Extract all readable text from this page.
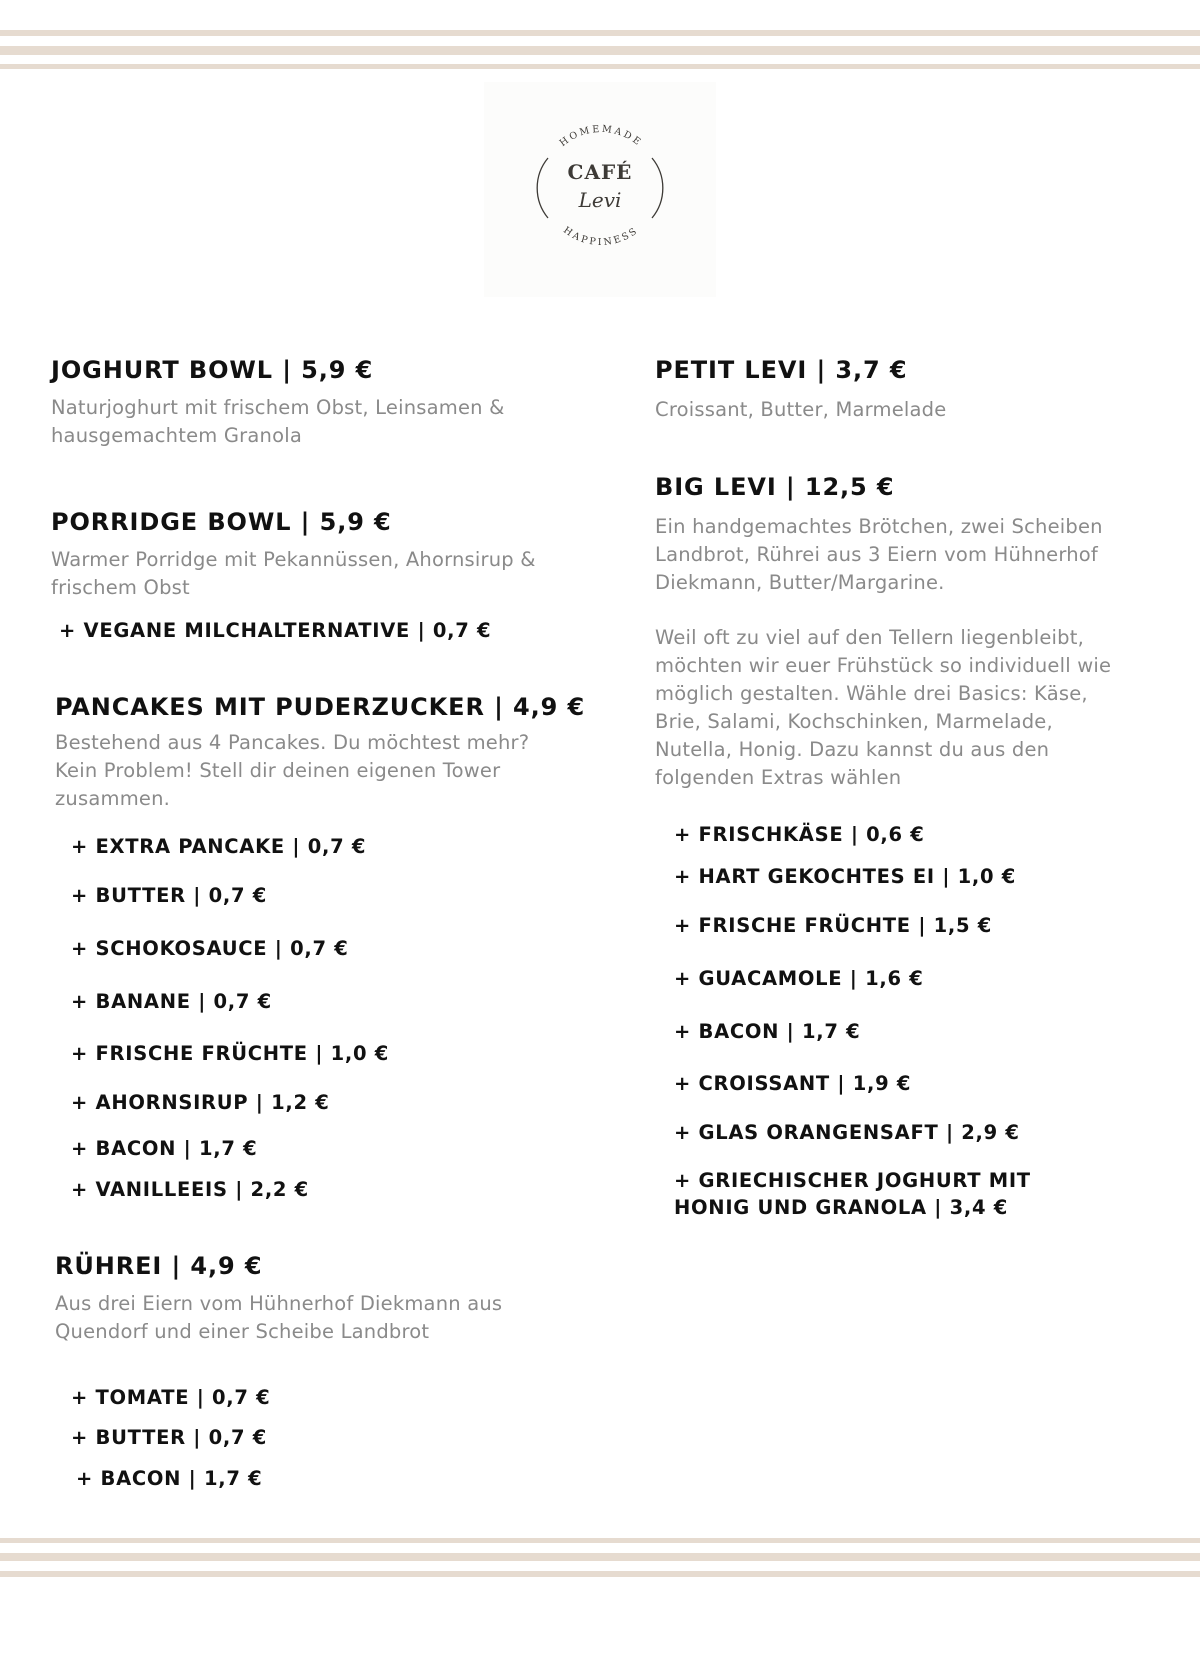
HOMEMADE
HAPPINESS
CAFÉ
Levi
JOGHURT BOWL | 5,9 €
Naturjoghurt mit frischem Obst, Leinsamen & hausgemachtem Granola
PORRIDGE BOWL | 5,9 €
Warmer Porridge mit Pekannüssen, Ahornsirup & frischem Obst
+ VEGANE MILCHALTERNATIVE | 0,7 €
PANCAKES MIT PUDERZUCKER | 4,9 €
Bestehend aus 4 Pancakes. Du möchtest mehr? Kein Problem! Stell dir deinen eigenen Tower zusammen.
+ EXTRA PANCAKE | 0,7 €
+ BUTTER | 0,7 €
+ SCHOKOSAUCE | 0,7 €
+ BANANE | 0,7 €
+ FRISCHE FRÜCHTE | 1,0 €
+ AHORNSIRUP | 1,2 €
+ BACON | 1,7 €
+ VANILLEEIS | 2,2 €
RÜHREI | 4,9 €
Aus drei Eiern vom Hühnerhof Diekmann aus Quendorf und einer Scheibe Landbrot
+ TOMATE | 0,7 €
+ BUTTER | 0,7 €
+ BACON | 1,7 €
PETIT LEVI | 3,7 €
Croissant, Butter, Marmelade
BIG LEVI | 12,5 €
Ein handgemachtes Brötchen, zwei Scheiben Landbrot, Rührei aus 3 Eiern vom Hühnerhof Diekmann, Butter/Margarine.
Weil oft zu viel auf den Tellern liegenbleibt, möchten wir euer Frühstück so individuell wie möglich gestalten. Wähle drei Basics: Käse, Brie, Salami, Kochschinken, Marmelade, Nutella, Honig. Dazu kannst du aus den folgenden Extras wählen
+ FRISCHKÄSE | 0,6 €
+ HART GEKOCHTES EI | 1,0 €
+ FRISCHE FRÜCHTE | 1,5 €
+ GUACAMOLE | 1,6 €
+ BACON | 1,7 €
+ CROISSANT | 1,9 €
+ GLAS ORANGENSAFT | 2,9 €
+ GRIECHISCHER JOGHURT MIT
HONIG UND GRANOLA | 3,4 €
